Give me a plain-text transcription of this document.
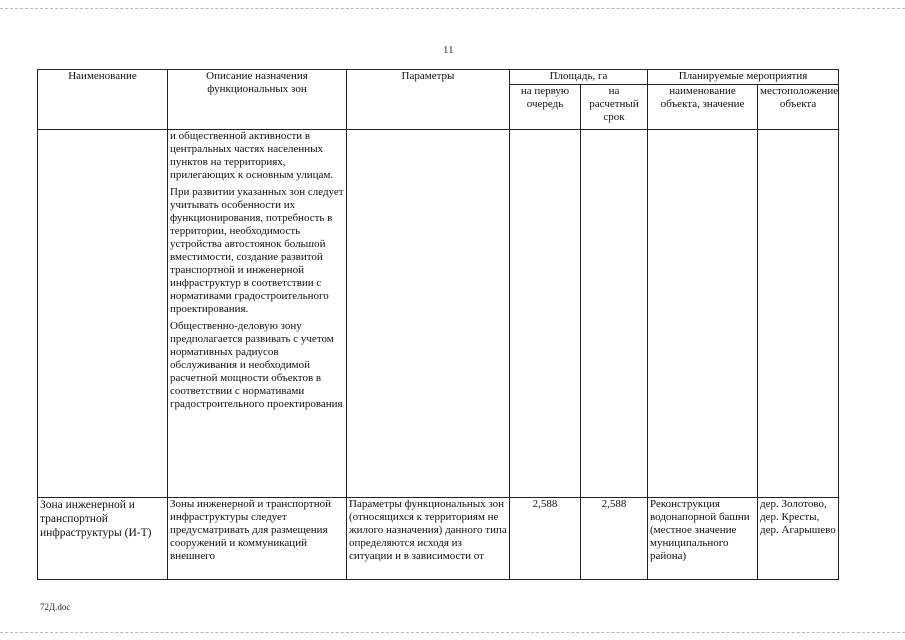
11
Наименование	Описание назначения функциональных зон	Параметры	Площадь, га		Планируемые мероприятия	
			на первую очередь	на расчетный срок	наименование объекта, значение	местоположение объекта

	и общественной активности в центральных частях населенных пунктов на территориях, прилегающих к основным улицам.

При развитии указанных зон следует учитывать особенности их функционирования, потребность в территории, необходимость устройства автостоянок большой вместимости, создание развитой транспортной и инженерной инфраструктур в соответствии с нормативами градостроительного проектирования.

Общественно-деловую зону предполагается развивать с учетом нормативных радиусов обслуживания и необходимой расчетной мощности объектов в соответствии с нормативами градостроительного проектирования					

Зона инженерной и транспортной инфраструктуры (И-Т)	Зоны инженерной и транспортной инфраструктуры следует предусматривать для размещения сооружений и коммуникаций внешнего	Параметры функциональных зон (относящихся к территориям не жилого назначения) данного типа определяются исходя из ситуации и в зависимости от	2,588	2,588	Реконструкция водонапорной башни (местное значение муниципального района)	дер. Золотово, дер. Кресты, дер. Агарышево
72Д.doc
